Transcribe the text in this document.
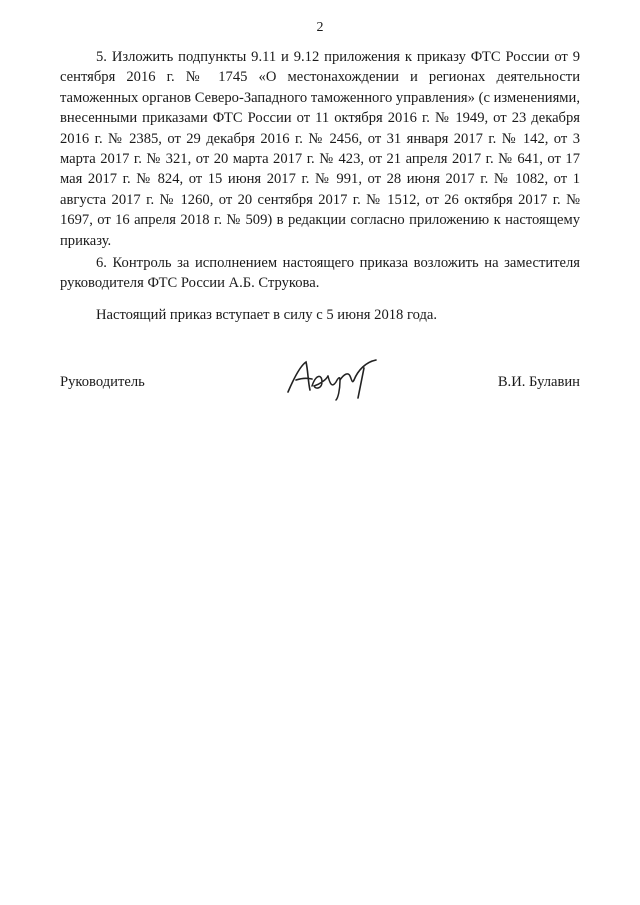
2

5. Изложить подпункты 9.11 и 9.12 приложения к приказу ФТС России от 9 сентября 2016 г. № 1745 «О местонахождении и регионах деятельности таможенных органов Северо-Западного таможенного управления» (с изменениями, внесенными приказами ФТС России от 11 октября 2016 г. № 1949, от 23 декабря 2016 г. № 2385, от 29 декабря 2016 г. № 2456, от 31 января 2017 г. № 142, от 3 марта 2017 г. № 321, от 20 марта 2017 г. № 423, от 21 апреля 2017 г. № 641, от 17 мая 2017 г. № 824, от 15 июня 2017 г. № 991, от 28 июня 2017 г. № 1082, от 1 августа 2017 г. № 1260, от 20 сентября 2017 г. № 1512, от 26 октября 2017 г. № 1697, от 16 апреля 2018 г. № 509) в редакции согласно приложению к настоящему приказу.

6. Контроль за исполнением настоящего приказа возложить на заместителя руководителя ФТС России А.Б. Струкова.

Настоящий приказ вступает в силу с 5 июня 2018 года.

Руководитель	В.И. Булавин
